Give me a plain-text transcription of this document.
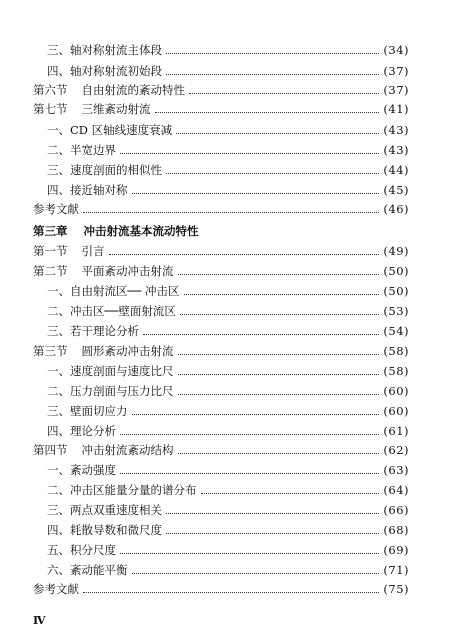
三、轴对称射流主体段	(34)
四、轴对称射流初始段	(37)
第六节 自由射流的紊动特性	(37)
第七节 三维紊动射流	(41)
一、CD 区轴线速度衰减	(43)
二、半宽边界	(43)
三、速度剖面的相似性	(44)
四、接近轴对称	(45)
参考文献	(46)
第三章 冲击射流基本流动特性
第一节 引言	(49)
第二节 平面紊动冲击射流	(50)
一、自由射流区── 冲击区	(50)
二、冲击区──壁面射流区	(53)
三、若干理论分析	(54)
第三节 圆形紊动冲击射流	(58)
一、速度剖面与速度比尺	(58)
二、压力剖面与压力比尺	(60)
三、壁面切应力	(60)
四、理论分析	(61)
第四节 冲击射流紊动结构	(62)
一、紊动强度	(63)
二、冲击区能量分量的谱分布	(64)
三、两点双重速度相关	(66)
四、耗散导数和微尺度	(68)
五、积分尺度	(69)
六、紊动能平衡	(71)
参考文献	(75)
Ⅳ
